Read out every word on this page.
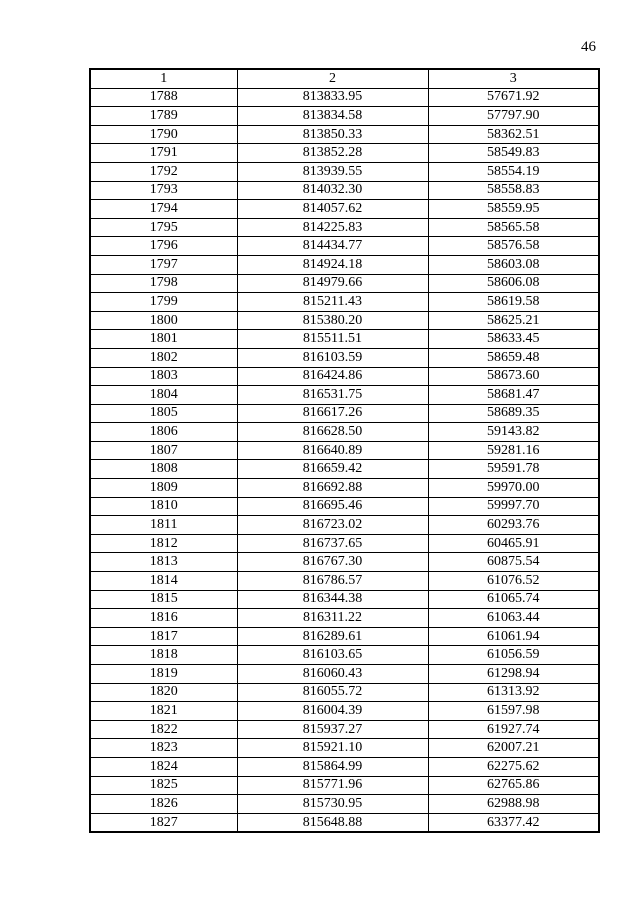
46
1	2	3
1788	813833.95	57671.92
1789	813834.58	57797.90
1790	813850.33	58362.51
1791	813852.28	58549.83
1792	813939.55	58554.19
1793	814032.30	58558.83
1794	814057.62	58559.95
1795	814225.83	58565.58
1796	814434.77	58576.58
1797	814924.18	58603.08
1798	814979.66	58606.08
1799	815211.43	58619.58
1800	815380.20	58625.21
1801	815511.51	58633.45
1802	816103.59	58659.48
1803	816424.86	58673.60
1804	816531.75	58681.47
1805	816617.26	58689.35
1806	816628.50	59143.82
1807	816640.89	59281.16
1808	816659.42	59591.78
1809	816692.88	59970.00
1810	816695.46	59997.70
1811	816723.02	60293.76
1812	816737.65	60465.91
1813	816767.30	60875.54
1814	816786.57	61076.52
1815	816344.38	61065.74
1816	816311.22	61063.44
1817	816289.61	61061.94
1818	816103.65	61056.59
1819	816060.43	61298.94
1820	816055.72	61313.92
1821	816004.39	61597.98
1822	815937.27	61927.74
1823	815921.10	62007.21
1824	815864.99	62275.62
1825	815771.96	62765.86
1826	815730.95	62988.98
1827	815648.88	63377.42
